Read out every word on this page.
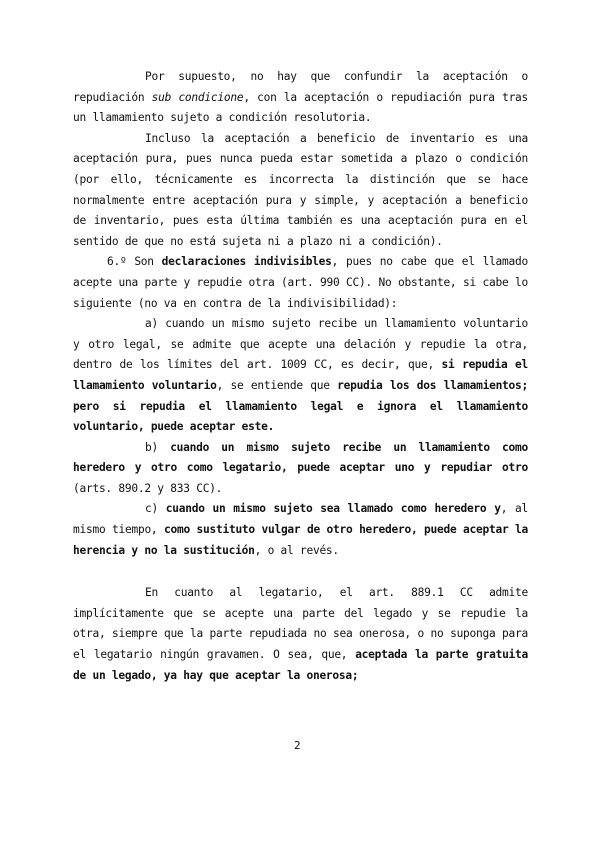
Por supuesto, no hay que confundir la aceptación o repudiación sub condicione, con la aceptación o repudiación pura tras un llamamiento sujeto a condición resolutoria.

Incluso la aceptación a beneficio de inventario es una aceptación pura, pues nunca pueda estar sometida a plazo o condición (por ello, técnicamente es incorrecta la distinción que se hace normalmente entre aceptación pura y simple, y aceptación a beneficio de inventario, pues esta última también es una aceptación pura en el sentido de que no está sujeta ni a plazo ni a condición).

6.º Son declaraciones indivisibles, pues no cabe que el llamado acepte una parte y repudie otra (art. 990 CC). No obstante, si cabe lo siguiente (no va en contra de la indivisibilidad):

a) cuando un mismo sujeto recibe un llamamiento voluntario y otro legal, se admite que acepte una delación y repudie la otra, dentro de los límites del art. 1009 CC, es decir, que, si repudia el llamamiento voluntario, se entiende que repudia los dos llamamientos; pero si repudia el llamamiento legal e ignora el llamamiento voluntario, puede aceptar este.

b) cuando un mismo sujeto recibe un llamamiento como heredero y otro como legatario, puede aceptar uno y repudiar otro (arts. 890.2 y 833 CC).

c) cuando un mismo sujeto sea llamado como heredero y, al mismo tiempo, como sustituto vulgar de otro heredero, puede aceptar la herencia y no la sustitución, o al revés.

En cuanto al legatario, el art. 889.1 CC admite implícitamente que se acepte una parte del legado y se repudie la otra, siempre que la parte repudiada no sea onerosa, o no suponga para el legatario ningún gravamen. O sea, que, aceptada la parte gratuita de un legado, ya hay que aceptar la onerosa;

2
